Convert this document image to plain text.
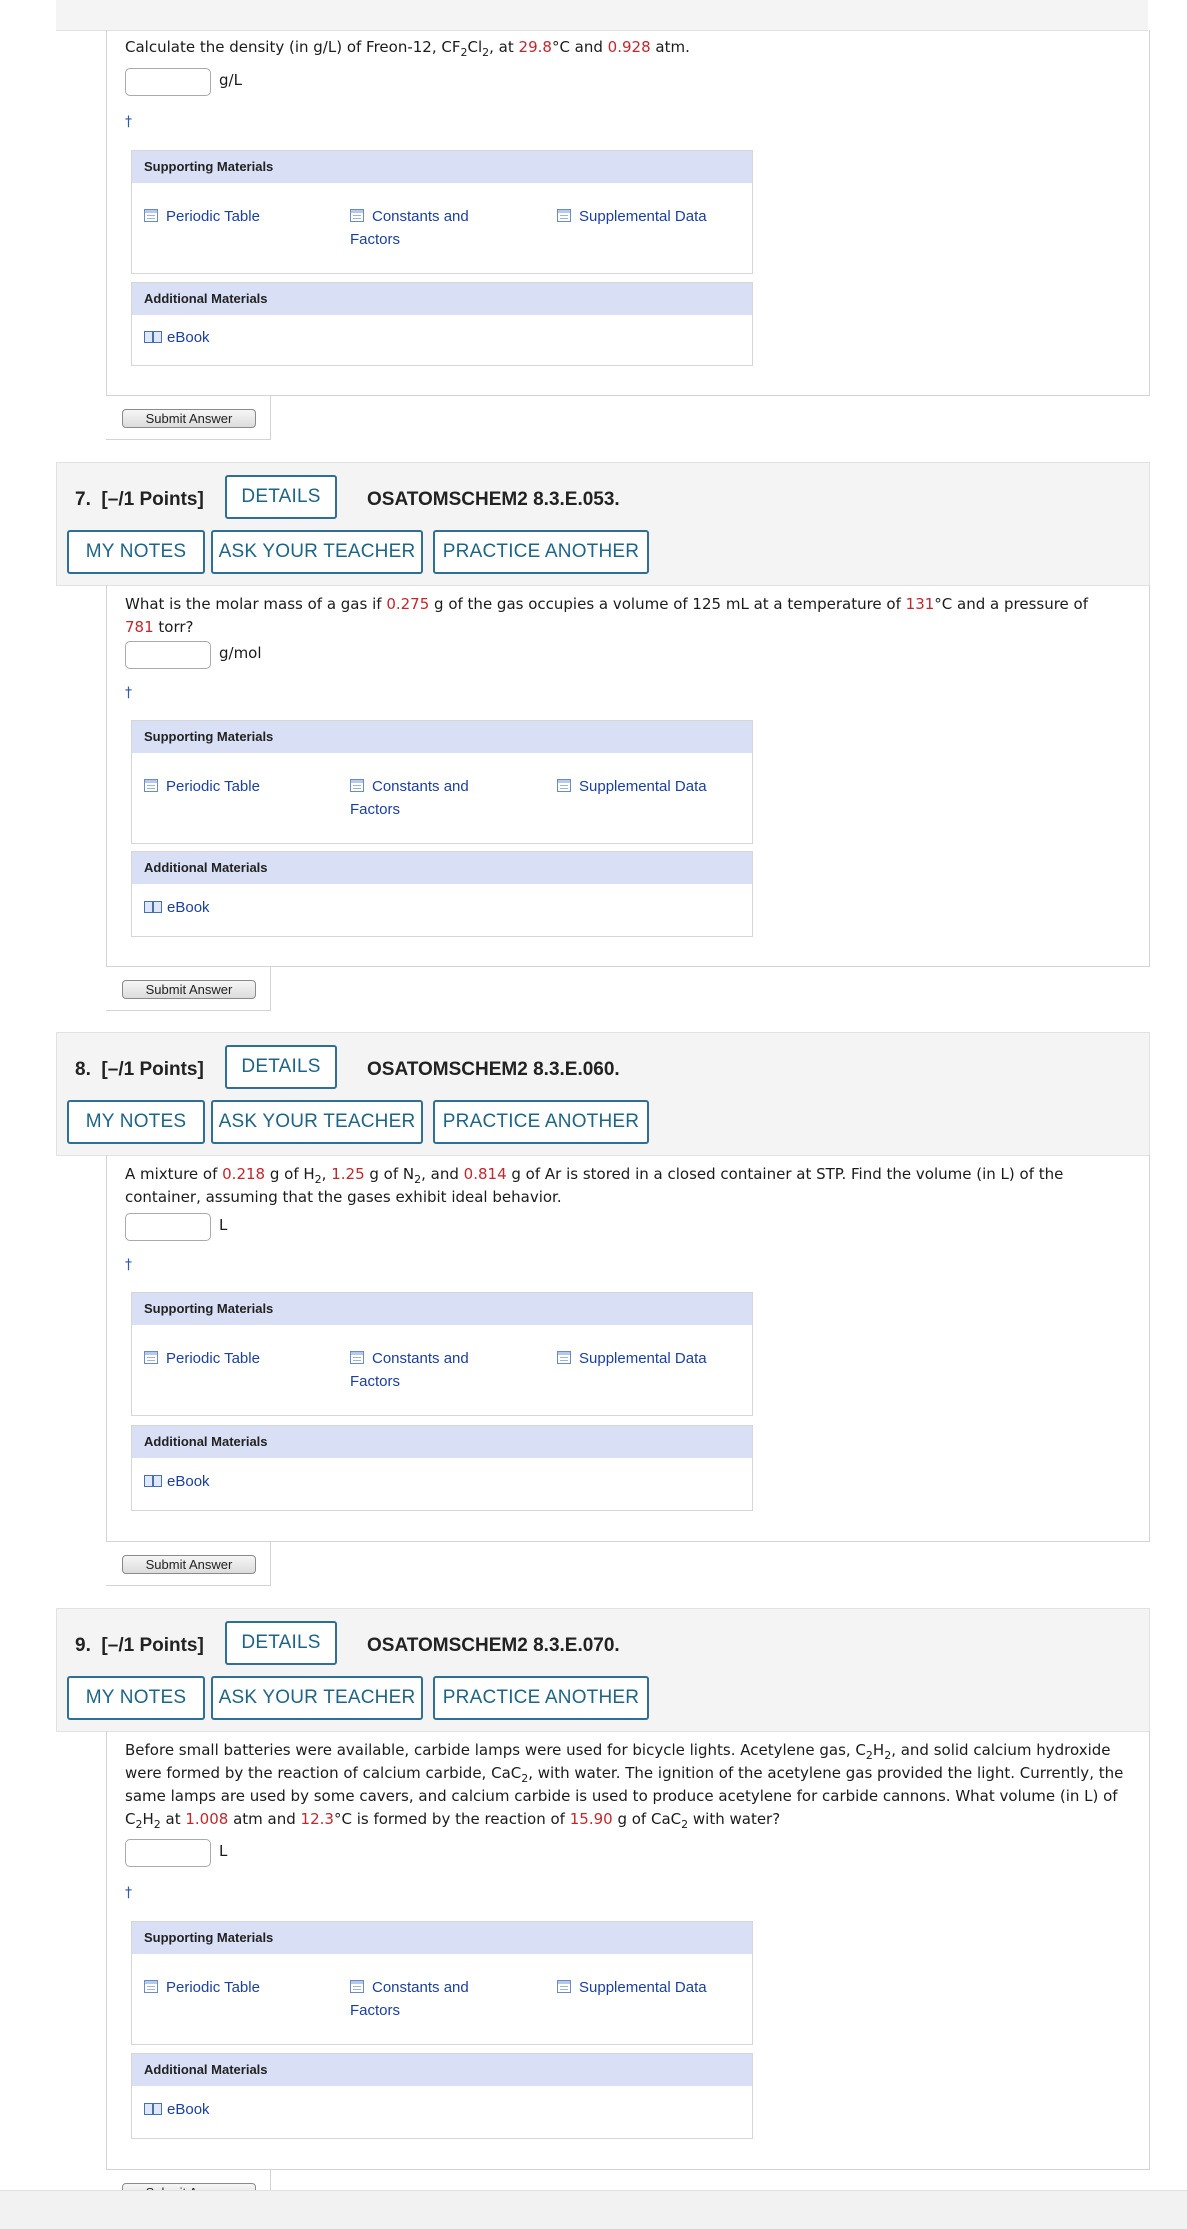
Calculate the density (in g/L) of Freon-12, $CF_2Cl_2$, at 29.8°C and 0.928 atm.
g/L
†
Supporting Materials
Periodic Table	Constants and
Factors
Supplemental Data
Additional Materials
eBook
Submit Answer
7. [–/1 Points]	DETAILS	OSATOMSCHEM2 8.3.E.053.
MY NOTES	ASK YOUR TEACHER	PRACTICE ANOTHER
What is the molar mass of a gas if 0.275 g of the gas occupies a volume of 125 mL at a temperature of 131°C and a pressure of 781 torr?
g/mol
†
Supporting Materials
Periodic Table	Constants and
Factors
Supplemental Data
Additional Materials
eBook
Submit Answer
8. [–/1 Points]	DETAILS	OSATOMSCHEM2 8.3.E.060.
MY NOTES	ASK YOUR TEACHER	PRACTICE ANOTHER
A mixture of 0.218 g of $H_2$, 1.25 g of $N_2$, and 0.814 g of Ar is stored in a closed container at STP. Find the volume (in L) of the container, assuming that the gases exhibit ideal behavior.
L
†
Supporting Materials
Periodic Table	Constants and
Factors
Supplemental Data
Additional Materials
eBook
Submit Answer
9. [–/1 Points]	DETAILS	OSATOMSCHEM2 8.3.E.070.
MY NOTES	ASK YOUR TEACHER	PRACTICE ANOTHER
Before small batteries were available, carbide lamps were used for bicycle lights. Acetylene gas, $C_2H_2$, and solid calcium hydroxide were formed by the reaction of calcium carbide, CaC$_2$, with water. The ignition of the acetylene gas provided the light. Currently, the same lamps are used by some cavers, and calcium carbide is used to produce acetylene for carbide cannons. What volume (in L) of $C_2H_2$ at 1.008 atm and 12.3°C is formed by the reaction of 15.90 g of CaC$_2$ with water?
L
†
Supporting Materials
Periodic Table	Constants and
Factors
Supplemental Data
Additional Materials
eBook
